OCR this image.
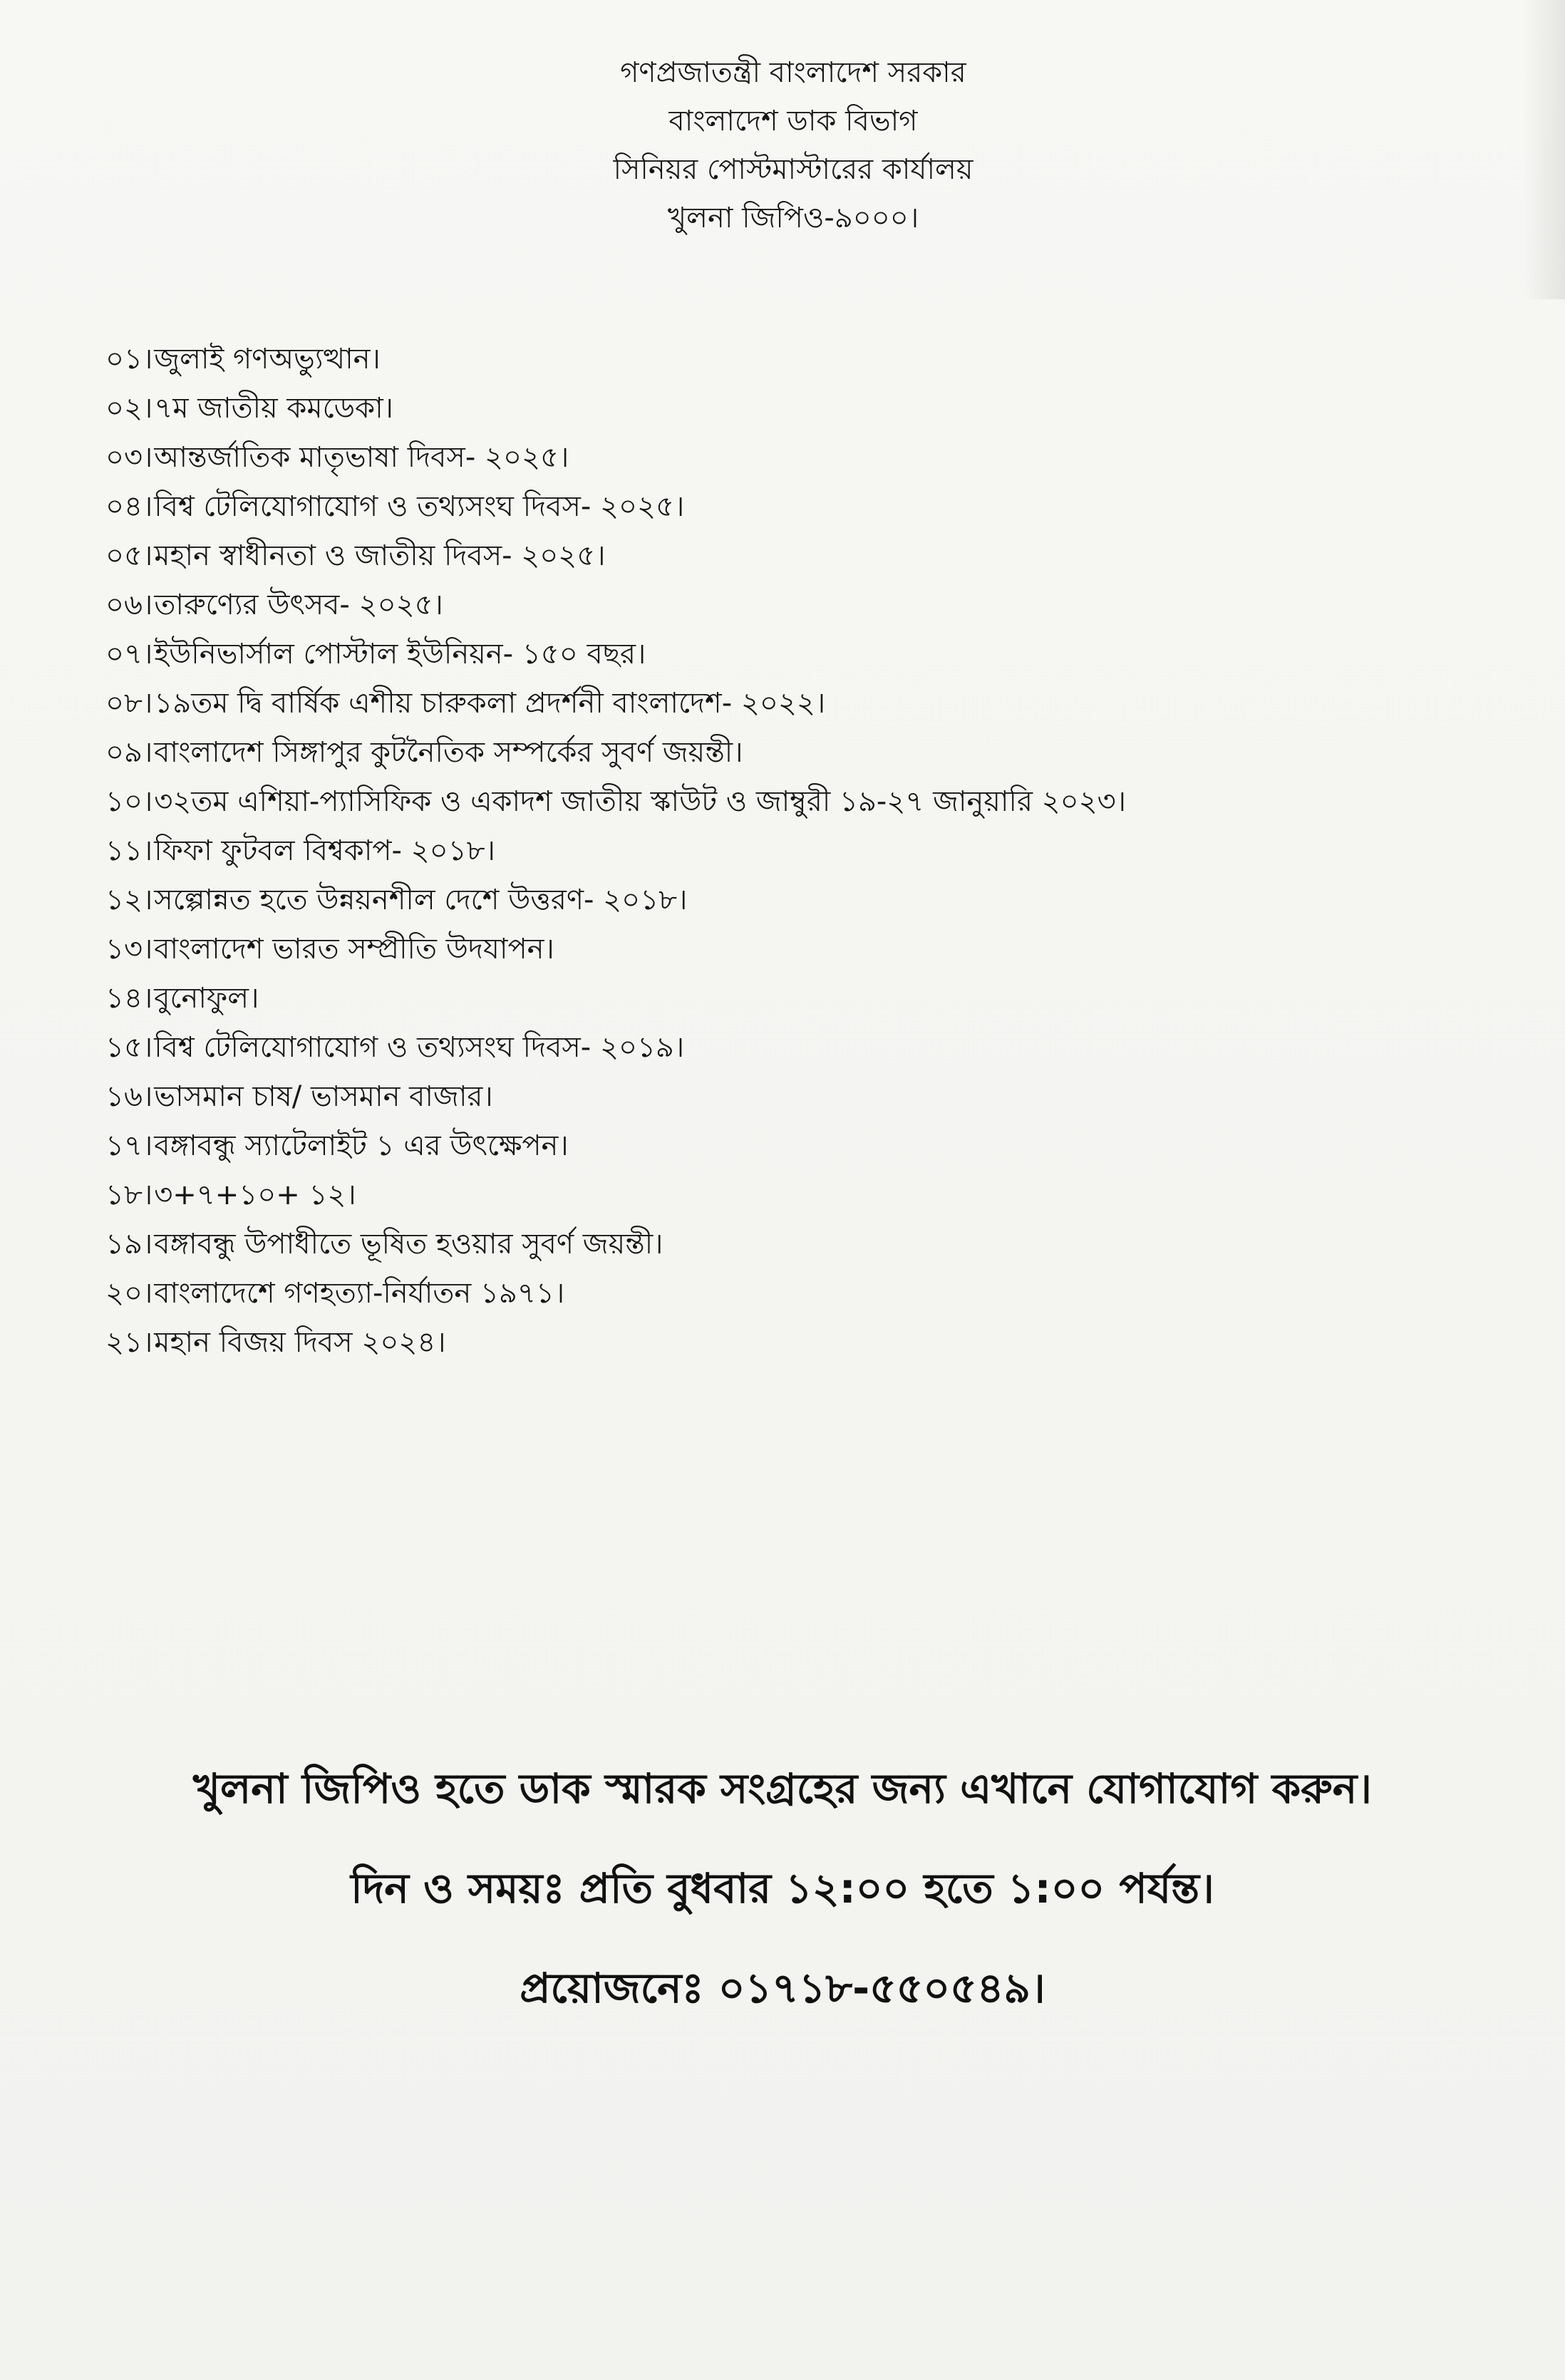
গণপ্রজাতন্ত্রী বাংলাদেশ সরকার
বাংলাদেশ ডাক বিভাগ
সিনিয়র পোস্টমাস্টারের কার্যালয়
খুলনা জিপিও-৯০০০।
০১।জুলাই গণঅভ্যুত্থান।
০২।৭ম জাতীয় কমডেকা।
০৩।আন্তর্জাতিক মাতৃভাষা দিবস- ২০২৫।
০৪।বিশ্ব টেলিযোগাযোগ ও তথ্যসংঘ দিবস- ২০২৫।
০৫।মহান স্বাধীনতা ও জাতীয় দিবস- ২০২৫।
০৬।তারুণ্যের উৎসব- ২০২৫।
০৭।ইউনিভার্সাল পোস্টাল ইউনিয়ন- ১৫০ বছর।
০৮।১৯তম দ্বি বার্ষিক এশীয় চারুকলা প্রদর্শনী বাংলাদেশ- ২০২২।
০৯।বাংলাদেশ সিঙ্গাপুর কুটনৈতিক সম্পর্কের সুবর্ণ জয়ন্তী।
১০।৩২তম এশিয়া-প্যাসিফিক ও একাদশ জাতীয় স্কাউট ও জাম্বুরী ১৯-২৭ জানুয়ারি ২০২৩।
১১।ফিফা ফুটবল বিশ্বকাপ- ২০১৮।
১২।সল্পোন্নত হতে উন্নয়নশীল দেশে উত্তরণ- ২০১৮।
১৩।বাংলাদেশ ভারত সম্প্রীতি উদযাপন।
১৪।বুনোফুল।
১৫।বিশ্ব টেলিযোগাযোগ ও তথ্যসংঘ দিবস- ২০১৯।
১৬।ভাসমান চাষ/ ভাসমান বাজার।
১৭।বঙ্গাবন্ধু স্যাটেলাইট ১ এর উৎক্ষেপন।
১৮।৩+৭+১০+ ১২।
১৯।বঙ্গাবন্ধু উপাধীতে ভূষিত হওয়ার সুবর্ণ জয়ন্তী।
২০।বাংলাদেশে গণহত্যা-নির্যাতন ১৯৭১।
২১।মহান বিজয় দিবস ২০২৪।
খুলনা জিপিও হতে ডাক স্মারক সংগ্রহের জন্য এখানে যোগাযোগ করুন।
দিন ও সময়ঃ প্রতি বুধবার ১২:০০ হতে ১:০০ পর্যন্ত।
প্রয়োজনেঃ ০১৭১৮-৫৫০৫৪৯।
